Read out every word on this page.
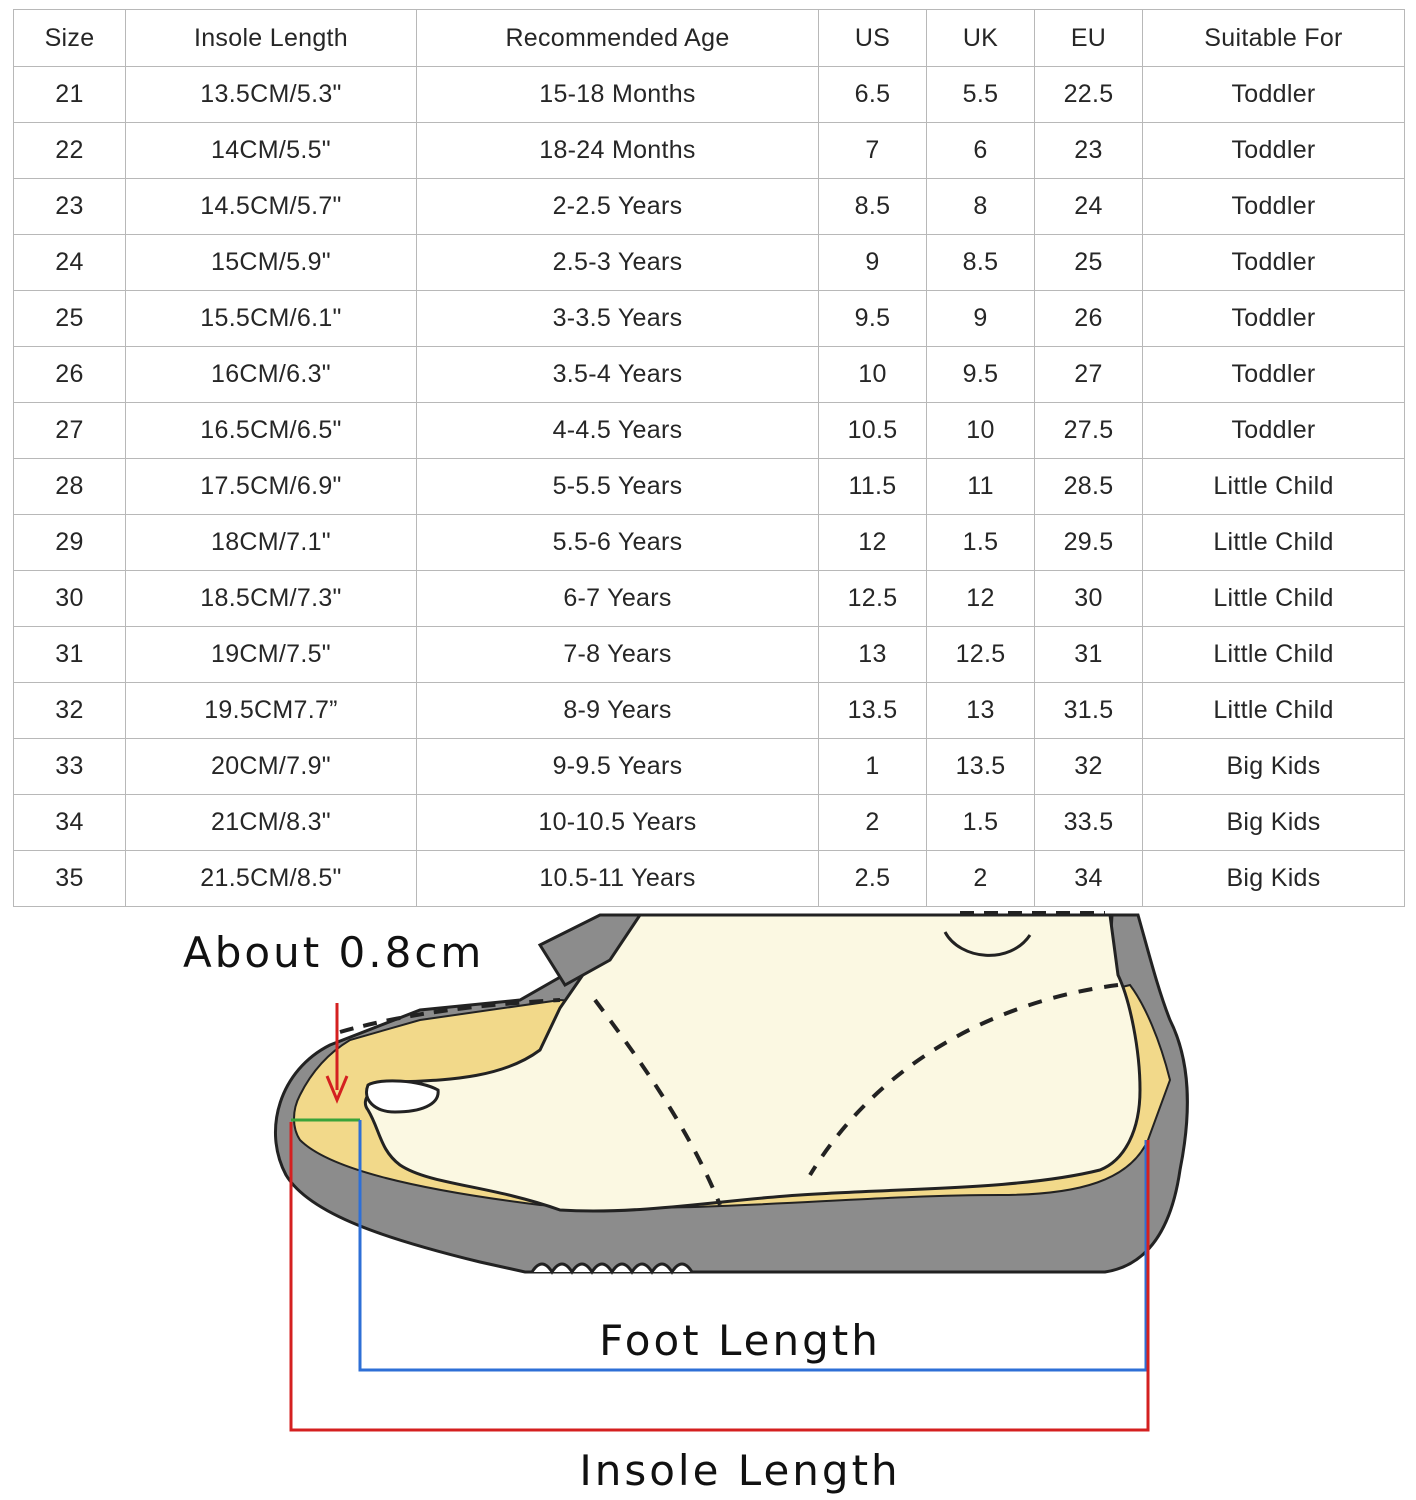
Size	Insole Length	Recommended Age	US	UK	EU	Suitable For
21	13.5CM/5.3"	15-18 Months	6.5	5.5	22.5	Toddler
22	14CM/5.5"	18-24 Months	7	6	23	Toddler
23	14.5CM/5.7"	2-2.5 Years	8.5	8	24	Toddler
24	15CM/5.9"	2.5-3 Years	9	8.5	25	Toddler
25	15.5CM/6.1"	3-3.5 Years	9.5	9	26	Toddler
26	16CM/6.3"	3.5-4 Years	10	9.5	27	Toddler
27	16.5CM/6.5"	4-4.5 Years	10.5	10	27.5	Toddler
28	17.5CM/6.9"	5-5.5 Years	11.5	11	28.5	Little Child
29	18CM/7.1"	5.5-6 Years	12	1.5	29.5	Little Child
30	18.5CM/7.3"	6-7 Years	12.5	12	30	Little Child
31	19CM/7.5"	7-8 Years	13	12.5	31	Little Child
32	19.5CM7.7”	8-9 Years	13.5	13	31.5	Little Child
33	20CM/7.9"	9-9.5 Years	1	13.5	32	Big Kids
34	21CM/8.3"	10-10.5 Years	2	1.5	33.5	Big Kids
35	21.5CM/8.5"	10.5-11 Years	2.5	2	34	Big Kids
About 0.8cm
Foot Length
Insole Length
